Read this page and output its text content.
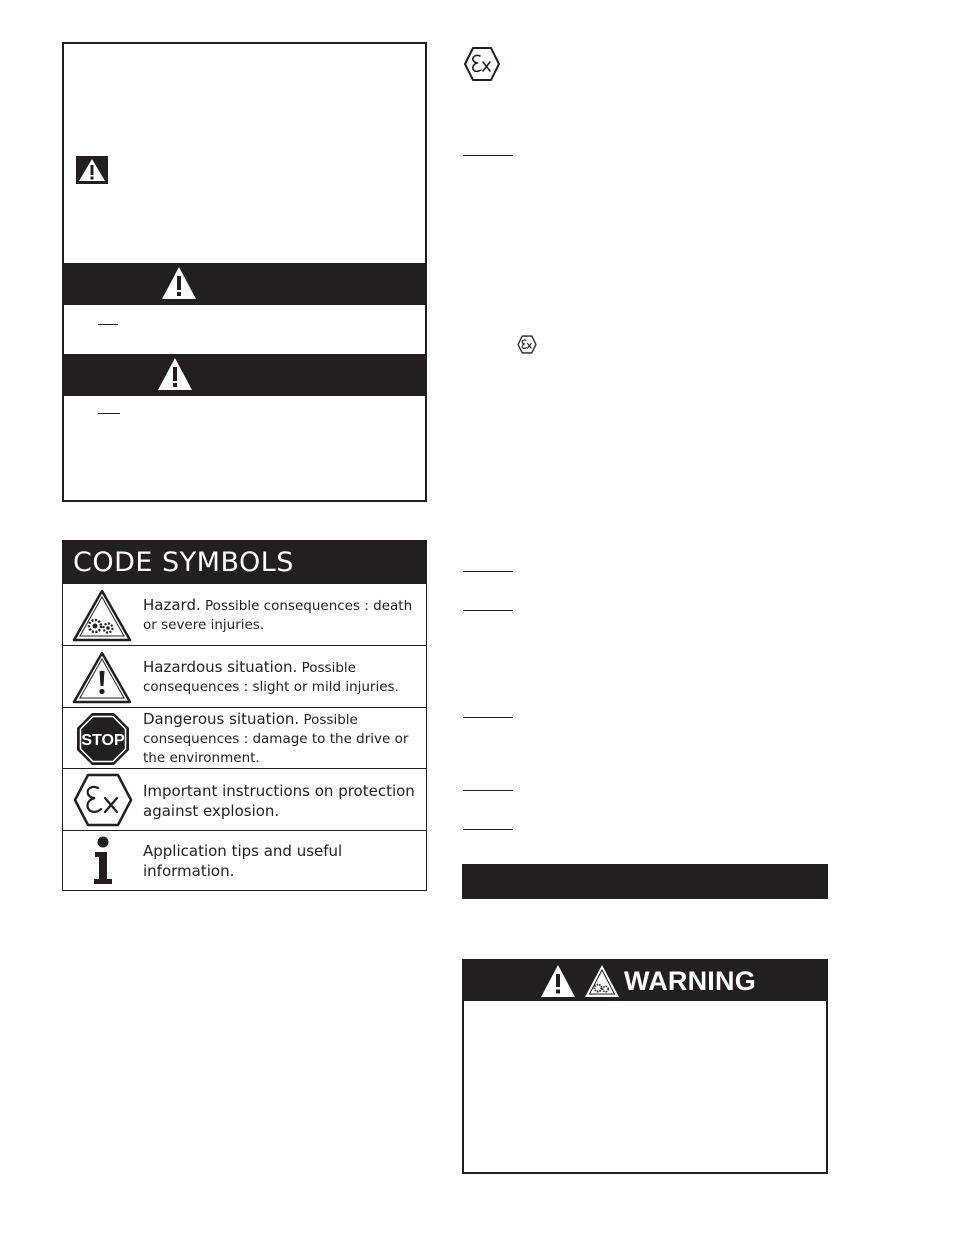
CODE SYMBOLS
Hazard. Possible consequences : death or severe injuries.
Hazardous situation. Possible consequences : slight or mild injuries.
STOP
Dangerous situation. Possible consequences : damage to the drive or the environment.
Important instructions on protection against explosion.
Application tips and useful information.
WARNING
